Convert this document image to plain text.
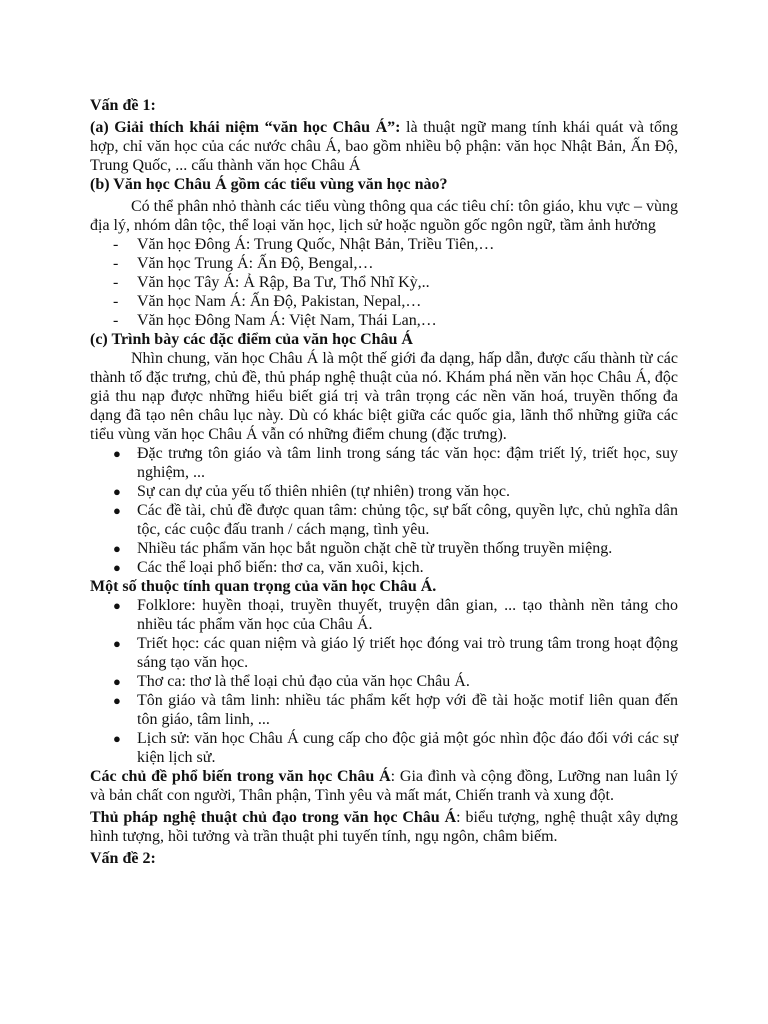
Vấn đề 1:

(a) Giải thích khái niệm “văn học Châu Á”: là thuật ngữ mang tính khái quát và tổng hợp, chỉ văn học của các nước châu Á, bao gồm nhiều bộ phận: văn học Nhật Bản, Ấn Độ, Trung Quốc, ... cấu thành văn học Châu Á

(b) Văn học Châu Á gồm các tiểu vùng văn học nào?

Có thể phân nhỏ thành các tiểu vùng thông qua các tiêu chí: tôn giáo, khu vực – vùng địa lý, nhóm dân tộc, thể loại văn học, lịch sử hoặc nguồn gốc ngôn ngữ, tầm ảnh hưởng

- Văn học Đông Á: Trung Quốc, Nhật Bản, Triều Tiên,…
- Văn học Trung Á: Ấn Độ, Bengal,…
- Văn học Tây Á: Ả Rập, Ba Tư, Thổ Nhĩ Kỳ,..
- Văn học Nam Á: Ấn Độ, Pakistan, Nepal,…
- Văn học Đông Nam Á: Việt Nam, Thái Lan,…

(c) Trình bày các đặc điểm của văn học Châu Á

Nhìn chung, văn học Châu Á là một thế giới đa dạng, hấp dẫn, được cấu thành từ các thành tố đặc trưng, chủ đề, thủ pháp nghệ thuật của nó. Khám phá nền văn học Châu Á, độc giả thu nạp được những hiểu biết giá trị và trân trọng các nền văn hoá, truyền thống đa dạng đã tạo nên châu lục này. Dù có khác biệt giữa các quốc gia, lãnh thổ những giữa các tiểu vùng văn học Châu Á vẫn có những điểm chung (đặc trưng).

● Đặc trưng tôn giáo và tâm linh trong sáng tác văn học: đậm triết lý, triết học, suy nghiệm, ...
● Sự can dự của yếu tố thiên nhiên (tự nhiên) trong văn học.
● Các đề tài, chủ đề được quan tâm: chủng tộc, sự bất công, quyền lực, chủ nghĩa dân tộc, các cuộc đấu tranh / cách mạng, tình yêu.
● Nhiều tác phẩm văn học bắt nguồn chặt chẽ từ truyền thống truyền miệng.
● Các thể loại phổ biến: thơ ca, văn xuôi, kịch.

Một số thuộc tính quan trọng của văn học Châu Á.

● Folklore: huyền thoại, truyền thuyết, truyện dân gian, ... tạo thành nền tảng cho nhiều tác phẩm văn học của Châu Á.
● Triết học: các quan niệm và giáo lý triết học đóng vai trò trung tâm trong hoạt động sáng tạo văn học.
● Thơ ca: thơ là thể loại chủ đạo của văn học Châu Á.
● Tôn giáo và tâm linh: nhiều tác phẩm kết hợp với đề tài hoặc motif liên quan đến tôn giáo, tâm linh, ...
● Lịch sử: văn học Châu Á cung cấp cho độc giả một góc nhìn độc đáo đối với các sự kiện lịch sử.

Các chủ đề phổ biến trong văn học Châu Á: Gia đình và cộng đồng, Lưỡng nan luân lý và bản chất con người, Thân phận, Tình yêu và mất mát, Chiến tranh và xung đột.

Thủ pháp nghệ thuật chủ đạo trong văn học Châu Á: biểu tượng, nghệ thuật xây dựng hình tượng, hồi tưởng và trần thuật phi tuyến tính, ngụ ngôn, châm biếm.

Vấn đề 2:
